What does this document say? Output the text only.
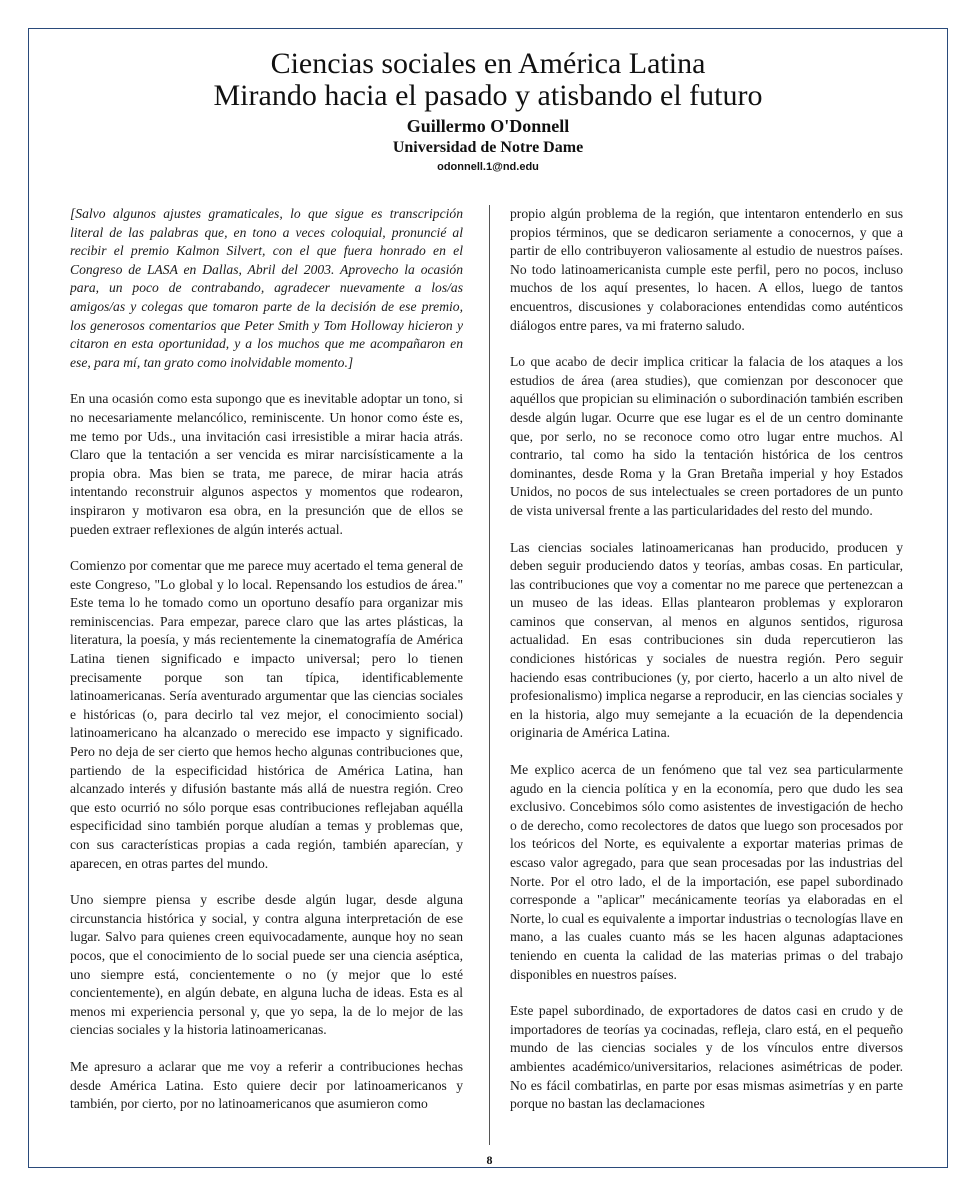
Ciencias sociales en América Latina
Mirando hacia el pasado y atisbando el futuro
Guillermo O'Donnell
Universidad de Notre Dame
odonnell.1@nd.edu

[Salvo algunos ajustes gramaticales, lo que sigue es transcripción literal de las palabras que, en tono a veces coloquial, pronuncié al recibir el premio Kalmon Silvert, con el que fuera honrado en el Congreso de LASA en Dallas, Abril del 2003. Aprovecho la ocasión para, un poco de contrabando, agradecer nuevamente a los/as amigos/as y colegas que tomaron parte de la decisión de ese premio, los generosos comentarios que Peter Smith y Tom Holloway hicieron y citaron en esta oportunidad, y a los muchos que me acompañaron en ese, para mí, tan grato como inolvidable momento.]

En una ocasión como esta supongo que es inevitable adoptar un tono, si no necesariamente melancólico, reminiscente. Un honor como éste es, me temo por Uds., una invitación casi irresistible a mirar hacia atrás. Claro que la tentación a ser vencida es mirar narcisísticamente a la propia obra. Mas bien se trata, me parece, de mirar hacia atrás intentando reconstruir algunos aspectos y momentos que rodearon, inspiraron y motivaron esa obra, en la presunción que de ellos se pueden extraer reflexiones de algún interés actual.

Comienzo por comentar que me parece muy acertado el tema general de este Congreso, "Lo global y lo local. Repensando los estudios de área." Este tema lo he tomado como un oportuno desafío para organizar mis reminiscencias. Para empezar, parece claro que las artes plásticas, la literatura, la poesía, y más recientemente la cinematografía de América Latina tienen significado e impacto universal; pero lo tienen precisamente porque son tan típica, identificablemente latinoamericanas. Sería aventurado argumentar que las ciencias sociales e históricas (o, para decirlo tal vez mejor, el conocimiento social) latinoamericano ha alcanzado o merecido ese impacto y significado. Pero no deja de ser cierto que hemos hecho algunas contribuciones que, partiendo de la especificidad histórica de América Latina, han alcanzado interés y difusión bastante más allá de nuestra región. Creo que esto ocurrió no sólo porque esas contribuciones reflejaban aquélla especificidad sino también porque aludían a temas y problemas que, con sus características propias a cada región, también aparecían, y aparecen, en otras partes del mundo.

Uno siempre piensa y escribe desde algún lugar, desde alguna circunstancia histórica y social, y contra alguna interpretación de ese lugar. Salvo para quienes creen equivocadamente, aunque hoy no sean pocos, que el conocimiento de lo social puede ser una ciencia aséptica, uno siempre está, concientemente o no (y mejor que lo esté concientemente), en algún debate, en alguna lucha de ideas. Esta es al menos mi experiencia personal y, que yo sepa, la de lo mejor de las ciencias sociales y la historia latinoamericanas.

Me apresuro a aclarar que me voy a referir a contribuciones hechas desde América Latina. Esto quiere decir por latinoamericanos y también, por cierto, por no latinoamericanos que asumieron como

propio algún problema de la región, que intentaron entenderlo en sus propios términos, que se dedicaron seriamente a conocernos, y que a partir de ello contribuyeron valiosamente al estudio de nuestros países. No todo latinoamericanista cumple este perfil, pero no pocos, incluso muchos de los aquí presentes, lo hacen. A ellos, luego de tantos encuentros, discusiones y colaboraciones entendidas como auténticos diálogos entre pares, va mi fraterno saludo.

Lo que acabo de decir implica criticar la falacia de los ataques a los estudios de área (area studies), que comienzan por desconocer que aquéllos que propician su eliminación o subordinación también escriben desde algún lugar. Ocurre que ese lugar es el de un centro dominante que, por serlo, no se reconoce como otro lugar entre muchos. Al contrario, tal como ha sido la tentación histórica de los centros dominantes, desde Roma y la Gran Bretaña imperial y hoy Estados Unidos, no pocos de sus intelectuales se creen portadores de un punto de vista universal frente a las particularidades del resto del mundo.

Las ciencias sociales latinoamericanas han producido, producen y deben seguir produciendo datos y teorías, ambas cosas. En particular, las contribuciones que voy a comentar no me parece que pertenezcan a un museo de las ideas. Ellas plantearon problemas y exploraron caminos que conservan, al menos en algunos sentidos, rigurosa actualidad. En esas contribuciones sin duda repercutieron las condiciones históricas y sociales de nuestra región. Pero seguir haciendo esas contribuciones (y, por cierto, hacerlo a un alto nivel de profesionalismo) implica negarse a reproducir, en las ciencias sociales y en la historia, algo muy semejante a la ecuación de la dependencia originaria de América Latina.

Me explico acerca de un fenómeno que tal vez sea particularmente agudo en la ciencia política y en la economía, pero que dudo les sea exclusivo. Concebimos sólo como asistentes de investigación de hecho o de derecho, como recolectores de datos que luego son procesados por los teóricos del Norte, es equivalente a exportar materias primas de escaso valor agregado, para que sean procesadas por las industrias del Norte. Por el otro lado, el de la importación, ese papel subordinado corresponde a "aplicar" mecánicamente teorías ya elaboradas en el Norte, lo cual es equivalente a importar industrias o tecnologías llave en mano, a las cuales cuanto más se les hacen algunas adaptaciones teniendo en cuenta la calidad de las materias primas o del trabajo disponibles en nuestros países.

Este papel subordinado, de exportadores de datos casi en crudo y de importadores de teorías ya cocinadas, refleja, claro está, en el pequeño mundo de las ciencias sociales y de los vínculos entre diversos ambientes académico/universitarios, relaciones asimétricas de poder. No es fácil combatirlas, en parte por esas mismas asimetrías y en parte porque no bastan las declamaciones

8
